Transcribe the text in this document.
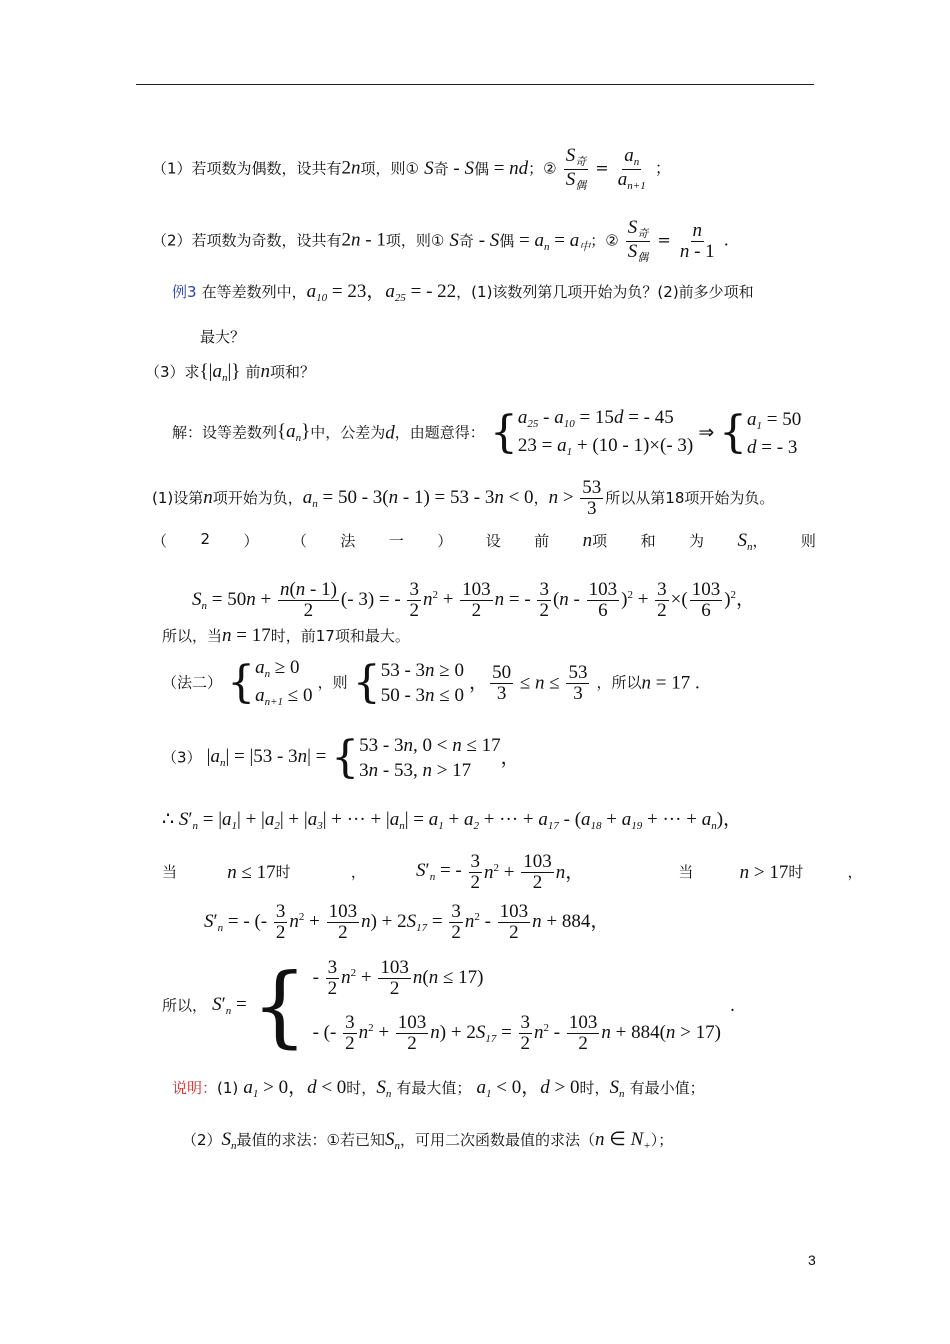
（1）若项数为偶数，设共有2n项，则① S奇 - S偶 = nd；② $\frac{S_奇}{S_偶} = \frac{a_n}{a_{n+1}}$ ；
（2）若项数为奇数，设共有2n - 1项，则① S奇 - S偶 = $a_n = a_中$；② $\frac{S_奇}{S_偶} = \frac{n}{n - 1}$ .
例3 在等差数列中，$a_{10} = 23$，$a_{25}$ = - 22，(1)该数列第几项开始为负？(2)前多少项和
最大？
（3）求$\{|a_n|\}$ 前n项和？
解：设等差数列$\{a_n\}$中，公差为d，由题意得： { $a_{25} - a_{10} = 15d$ = - 45
$23 = a_1 + (10 - 1)\times(-$ 3)
⇒ { $a_1 = 50$
d = - 3
(1)设第n项开始为负，$a_n = 50 - 3(n - 1) = 53 - 3n < 0$，$n > \frac{53}{3}$ 所以从第18项开始为负。
（ 2 ） （ 法 一 ） 设 前 n项 和 为 $S_n$， 则
$S_n = 50n + \frac{n(n - 1)}{2}$ (- 3) = - $\frac{3}{2} n^2 + \frac{103}{2}$ n = - $\frac{3}{2} (n - \frac{103}{6} )^2 + \frac{3}{2}$ ×( $\frac{103}{6} )^2$，
所以，当n = 17时，前17项和最大。
（法二） { $a_n \ge 0$
$a_{n+1} \le 0$
，则 { 53 - 3n ≥ 0
50 - 3n ≤ 0
， $\frac{50}{3} \le n \le \frac{53}{3}$ ，所以n = 17 .
（3） $|a_n| = |53 - 3n|$ = { 53 - 3n, 0 < n ≤ 17
3n - 53, n > 17
，
∴ $S'_n = |a_1| + |a_2| + |a_3|$ + ··· + $|a_n| = a_1 + a_2$ + ··· + $a_{17} - (a_{18} + a_{19}$ + ··· + $a_n$)，
当	n ≤ 17时	，	$S'_n$ = - $\frac{3}{2} n^2 + \frac{103}{2}$ n，	当 n > 17时	，
$S'_n$ = - (- $\frac{3}{2} n^2 + \frac{103}{2} n) + 2S_{17} = \frac{3}{2} n^2 - \frac{103}{2}$ n + 884，
所以， $S'_n$ = { - $\frac{3}{2} n^2 + \frac{103}{2} n(n \le 17)$
- (- $\frac{3}{2} n^2 + \frac{103}{2} n) + 2S_{17} = \frac{3}{2} n^2 - \frac{103}{2}$ n + 884(n > 17)
.
说明：(1) $a_1 > 0$，d < 0时，$S_n$ 有最大值； $a_1 < 0$，d > 0时，$S_n$ 有最小值；
$(2)S_n$最值的求法：①若已知$S_n$，可用二次函数最值的求法（n ∈ $N_+$）；
3
